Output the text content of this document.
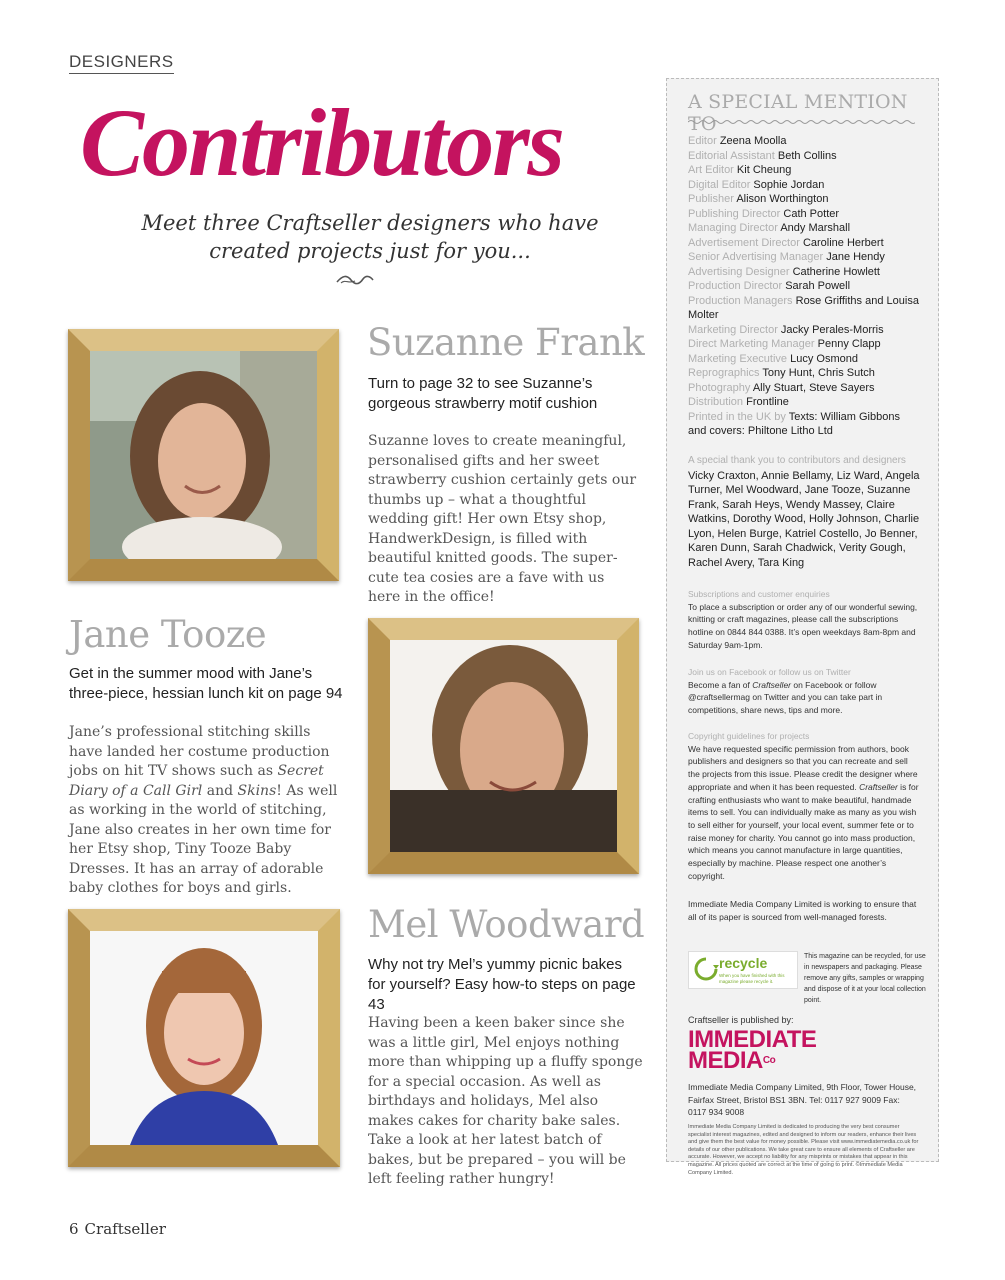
DESIGNERS
Contributors
Meet three Craftseller designers who have created projects just for you...
Suzanne Frank
Turn to page 32 to see Suzanne’s gorgeous strawberry motif cushion
Suzanne loves to create meaningful, personalised gifts and her sweet strawberry cushion certainly gets our thumbs up – what a thoughtful wedding gift! Her own Etsy shop, HandwerkDesign, is filled with beautiful knitted goods. The super-cute tea cosies are a fave with us here in the office!
Jane Tooze
Get in the summer mood with Jane’s three-piece, hessian lunch kit on page 94
Jane’s professional stitching skills have landed her costume production jobs on hit TV shows such as Secret Diary of a Call Girl and Skins! As well as working in the world of stitching, Jane also creates in her own time for her Etsy shop, Tiny Tooze Baby Dresses. It has an array of adorable baby clothes for boys and girls.
Mel Woodward
Why not try Mel’s yummy picnic bakes for yourself? Easy how-to steps on page 43
Having been a keen baker since she was a little girl, Mel enjoys nothing more than whipping up a fluffy sponge for a special occasion. As well as birthdays and holidays, Mel also makes cakes for charity bake sales. Take a look at her latest batch of bakes, but be prepared – you will be left feeling rather hungry!
A SPECIAL MENTION TO
Editor Zeena Moolla
Editorial Assistant Beth Collins
Art Editor Kit Cheung
Digital Editor Sophie Jordan
Publisher Alison Worthington
Publishing Director Cath Potter
Managing Director Andy Marshall
Advertisement Director Caroline Herbert
Senior Advertising Manager Jane Hendy
Advertising Designer Catherine Howlett
Production Director Sarah Powell
Production Managers Rose Griffiths and Louisa Molter
Marketing Director Jacky Perales-Morris
Direct Marketing Manager Penny Clapp
Marketing Executive Lucy Osmond
Reprographics Tony Hunt, Chris Sutch
Photography Ally Stuart, Steve Sayers
Distribution Frontline
Printed in the UK by Texts: William Gibbons and covers: Philtone Litho Ltd
A special thank you to contributors and designers
Vicky Craxton, Annie Bellamy, Liz Ward, Angela Turner, Mel Woodward, Jane Tooze, Suzanne Frank, Sarah Heys, Wendy Massey, Claire Watkins, Dorothy Wood, Holly Johnson, Charlie Lyon, Helen Burge, Katriel Costello, Jo Benner, Karen Dunn, Sarah Chadwick, Verity Gough, Rachel Avery, Tara King
Subscriptions and customer enquiries
To place a subscription or order any of our wonderful sewing, knitting or craft magazines, please call the subscriptions hotline on 0844 844 0388. It’s open weekdays 8am-8pm and Saturday 9am-1pm.
Join us on Facebook or follow us on Twitter
Become a fan of Craftseller on Facebook or follow @craftsellermag on Twitter and you can take part in competitions, share news, tips and more.
Copyright guidelines for projects
We have requested specific permission from authors, book publishers and designers so that you can recreate and sell the projects from this issue. Please credit the designer where appropriate and when it has been requested. Craftseller is for crafting enthusiasts who want to make beautiful, handmade items to sell. You can individually make as many as you wish to sell either for yourself, your local event, summer fete or to raise money for charity. You cannot go into mass production, which means you cannot manufacture in large quantities, especially by machine. Please respect one another’s copyright.
Immediate Media Company Limited is working to ensure that all of its paper is sourced from well-managed forests.
recycle
When you have finished with this magazine please recycle it.
This magazine can be recycled, for use in newspapers and packaging. Please remove any gifts, samples or wrapping and dispose of it at your local collection point.
Craftseller is published by:
IMMEDIATE
$MEDIA^{Co}$
Immediate Media Company Limited, 9th Floor, Tower House, Fairfax Street, Bristol BS1 3BN. Tel: 0117 927 9009 Fax: 0117 934 9008
Immediate Media Company Limited is dedicated to producing the very best consumer specialist interest magazines, edited and designed to inform our readers, enhance their lives and give them the best value for money possible. Please visit www.immediatemedia.co.uk for details of our other publications. We take great care to ensure all elements of Craftseller are accurate. However, we accept no liability for any misprints or mistakes that appear in this magazine. All prices quoted are correct at the time of going to print. ©Immediate Media Company Limited.
6 Craftseller
